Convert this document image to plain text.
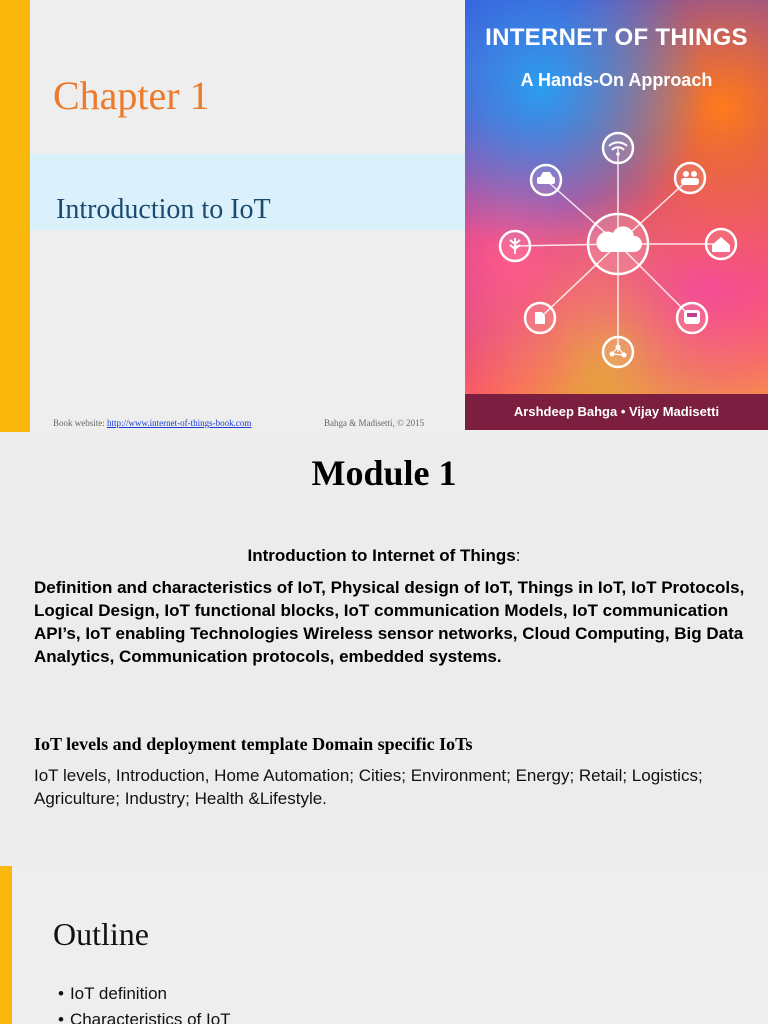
Chapter 1
Introduction to IoT
Book website: http://www.internet-of-things-book.com	Bahga & Madisetti, © 2015
INTERNET OF THINGS
A Hands-On Approach
Arshdeep Bahga • Vijay Madisetti
Module 1
Introduction to Internet of Things:
Definition and characteristics of IoT, Physical design of IoT, Things in IoT, IoT Protocols, Logical Design, IoT functional blocks, IoT communication Models, IoT communication API’s, IoT enabling Technologies Wireless sensor networks, Cloud Computing, Big Data Analytics, Communication protocols, embedded systems.
IoT levels and deployment template Domain specific IoTs
IoT levels, Introduction, Home Automation; Cities; Environment; Energy; Retail; Logistics; Agriculture; Industry; Health &Lifestyle.
Outline
• IoT definition
• Characteristics of IoT
